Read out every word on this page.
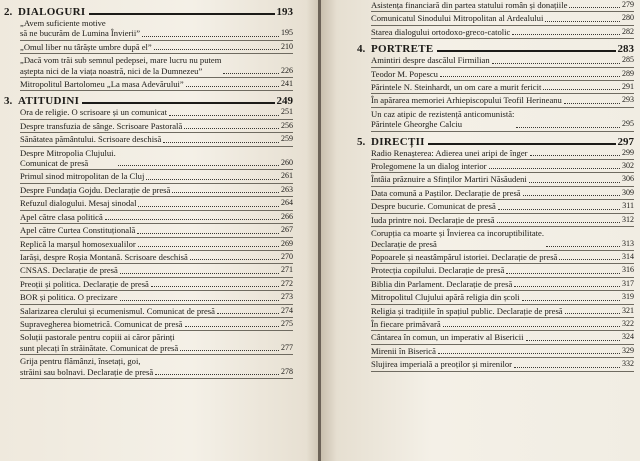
2. DIALOGURI	193
„Avem suficiente motive
să ne bucurăm de Lumina Învierii”	195
„Omul liber nu târăște umbre după el”	210
„Dacă vom trăi sub semnul pedepsei, mare lucru nu putem
aștepta nici de la viața noastră, nici de la Dumnezeu”	226
Mitropolitul Bartolomeu „La masa Adevărului”	241
3. ATITUDINI	249
Ora de religie. O scrisoare și un comunicat	251
Despre transfuzia de sânge. Scrisoare Pastorală	256
Sănătatea pământului. Scrisoare deschisă	259
Despre Mitropolia Clujului.
Comunicat de presă	260
Primul sinod mitropolitan de la Cluj	261
Despre Fundația Gojdu. Declarație de presă	263
Refuzul dialogului. Mesaj sinodal	264
Apel către clasa politică	266
Apel către Curtea Constituțională	267
Replică la marșul homosexualilor	269
Iarăși, despre Roșia Montană. Scrisoare deschisă	270
CNSAS. Declarație de presă	271
Preoții și politica. Declarație de presă	272
BOR și politica. O precizare	273
Salarizarea clerului și ecumenismul. Comunicat de presă	274
Supravegherea biometrică. Comunicat de presă	275
Soluții pastorale pentru copiii ai căror părinți
sunt plecați în străinătate. Comunicat de presă	277
Grija pentru flămânzi, însetați, goi,
străini sau bolnavi. Declarație de presă	278
Asistența financiară din partea statului român și donațiile	279
Comunicatul Sinodului Mitropolitan al Ardealului	280
Starea dialogului ortodoxo-greco-catolic	282
4. PORTRETE	283
Amintiri despre dascălul Firmilian	285
Teodor M. Popescu	289
Părintele N. Steinhardt, un om care a murit fericit	291
În apărarea memoriei Arhiepiscopului Teofil Herineanu	293
Un caz atipic de rezistență anticomunistă:
Părintele Gheorghe Calciu	295
5. DIRECȚII	297
Radio Renașterea: Adierea unei aripi de înger	299
Prolegomene la un dialog interior	302
Întâia prăznuire a Sfinților Martiri Năsăudeni	306
Data comună a Paștilor. Declarație de presă	309
Despre bucurie. Comunicat de presă	311
Iuda printre noi. Declarație de presă	312
Corupția ca moarte și Învierea ca incoruptibilitate.
Declarație de presă	313
Popoarele și neastâmpărul istoriei. Declarație de presă	314
Protecția copilului. Declarație de presă	316
Biblia din Parlament. Declarație de presă	317
Mitropolitul Clujului apără religia din școli	319
Religia și tradițiile în spațiul public. Declarație de presă	321
În fiecare primăvară	322
Cântarea în comun, un imperativ al Bisericii	324
Mirenii în Biserică	329
Slujirea imperială a preoților și mirenilor	332
